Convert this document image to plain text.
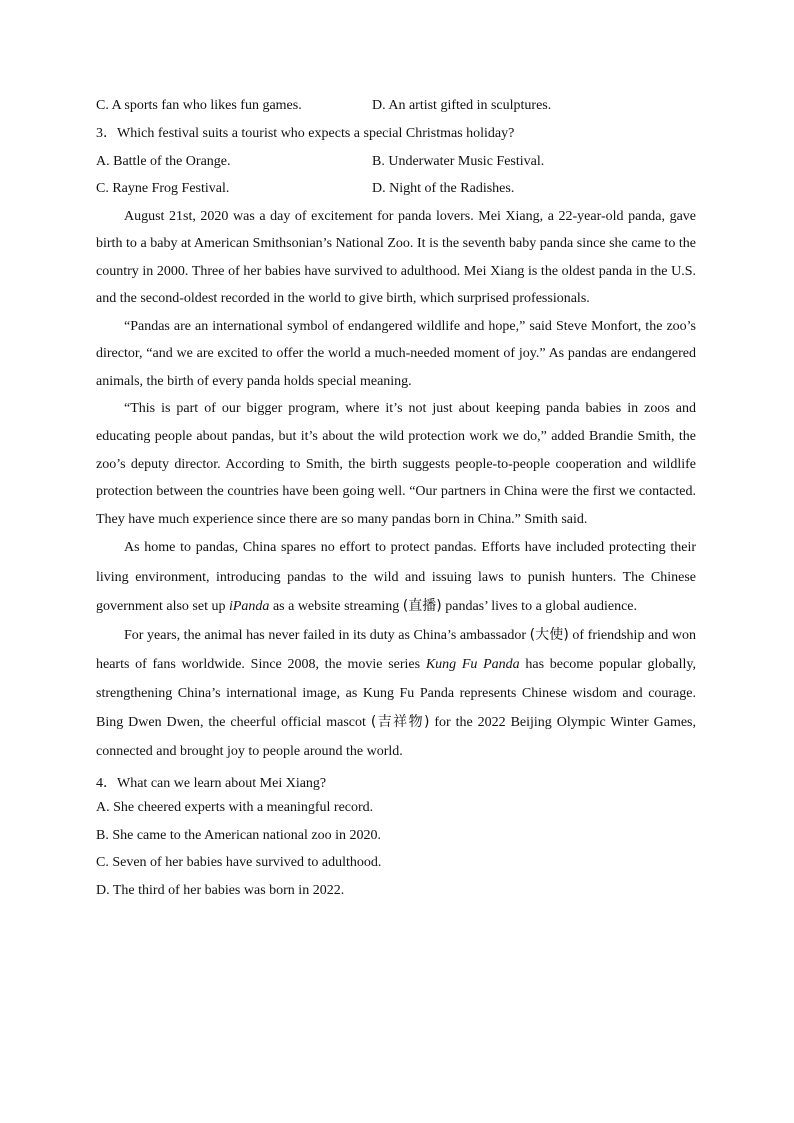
C. A sports fan who likes fun games.	D. An artist gifted in sculptures.
3．Which festival suits a tourist who expects a special Christmas holiday?
A. Battle of the Orange.	B. Underwater Music Festival.
C. Rayne Frog Festival.	D. Night of the Radishes.

August 21st, 2020 was a day of excitement for panda lovers. Mei Xiang, a 22-year-old panda, gave birth to a baby at American Smithsonian’s National Zoo. It is the seventh baby panda since she came to the country in 2000. Three of her babies have survived to adulthood. Mei Xiang is the oldest panda in the U.S. and the second-oldest recorded in the world to give birth, which surprised professionals.

“Pandas are an international symbol of endangered wildlife and hope,” said Steve Monfort, the zoo’s director, “and we are excited to offer the world a much-needed moment of joy.” As pandas are endangered animals, the birth of every panda holds special meaning.

“This is part of our bigger program, where it’s not just about keeping panda babies in zoos and educating people about pandas, but it’s about the wild protection work we do,” added Brandie Smith, the zoo’s deputy director. According to Smith, the birth suggests people-to-people cooperation and wildlife protection between the countries have been going well. “Our partners in China were the first we contacted. They have much experience since there are so many pandas born in China.” Smith said.

As home to pandas, China spares no effort to protect pandas. Efforts have included protecting their living environment, introducing pandas to the wild and issuing laws to punish hunters. The Chinese government also set up iPanda as a website streaming (直播) pandas’ lives to a global audience.

For years, the animal has never failed in its duty as China’s ambassador (大使) of friendship and won hearts of fans worldwide. Since 2008, the movie series Kung Fu Panda has become popular globally, strengthening China’s international image, as Kung Fu Panda represents Chinese wisdom and courage. Bing Dwen Dwen, the cheerful official mascot (吉祥物) for the 2022 Beijing Olympic Winter Games, connected and brought joy to people around the world.

4．What can we learn about Mei Xiang?
A. She cheered experts with a meaningful record.
B. She came to the American national zoo in 2020.
C. Seven of her babies have survived to adulthood.
D. The third of her babies was born in 2022.
